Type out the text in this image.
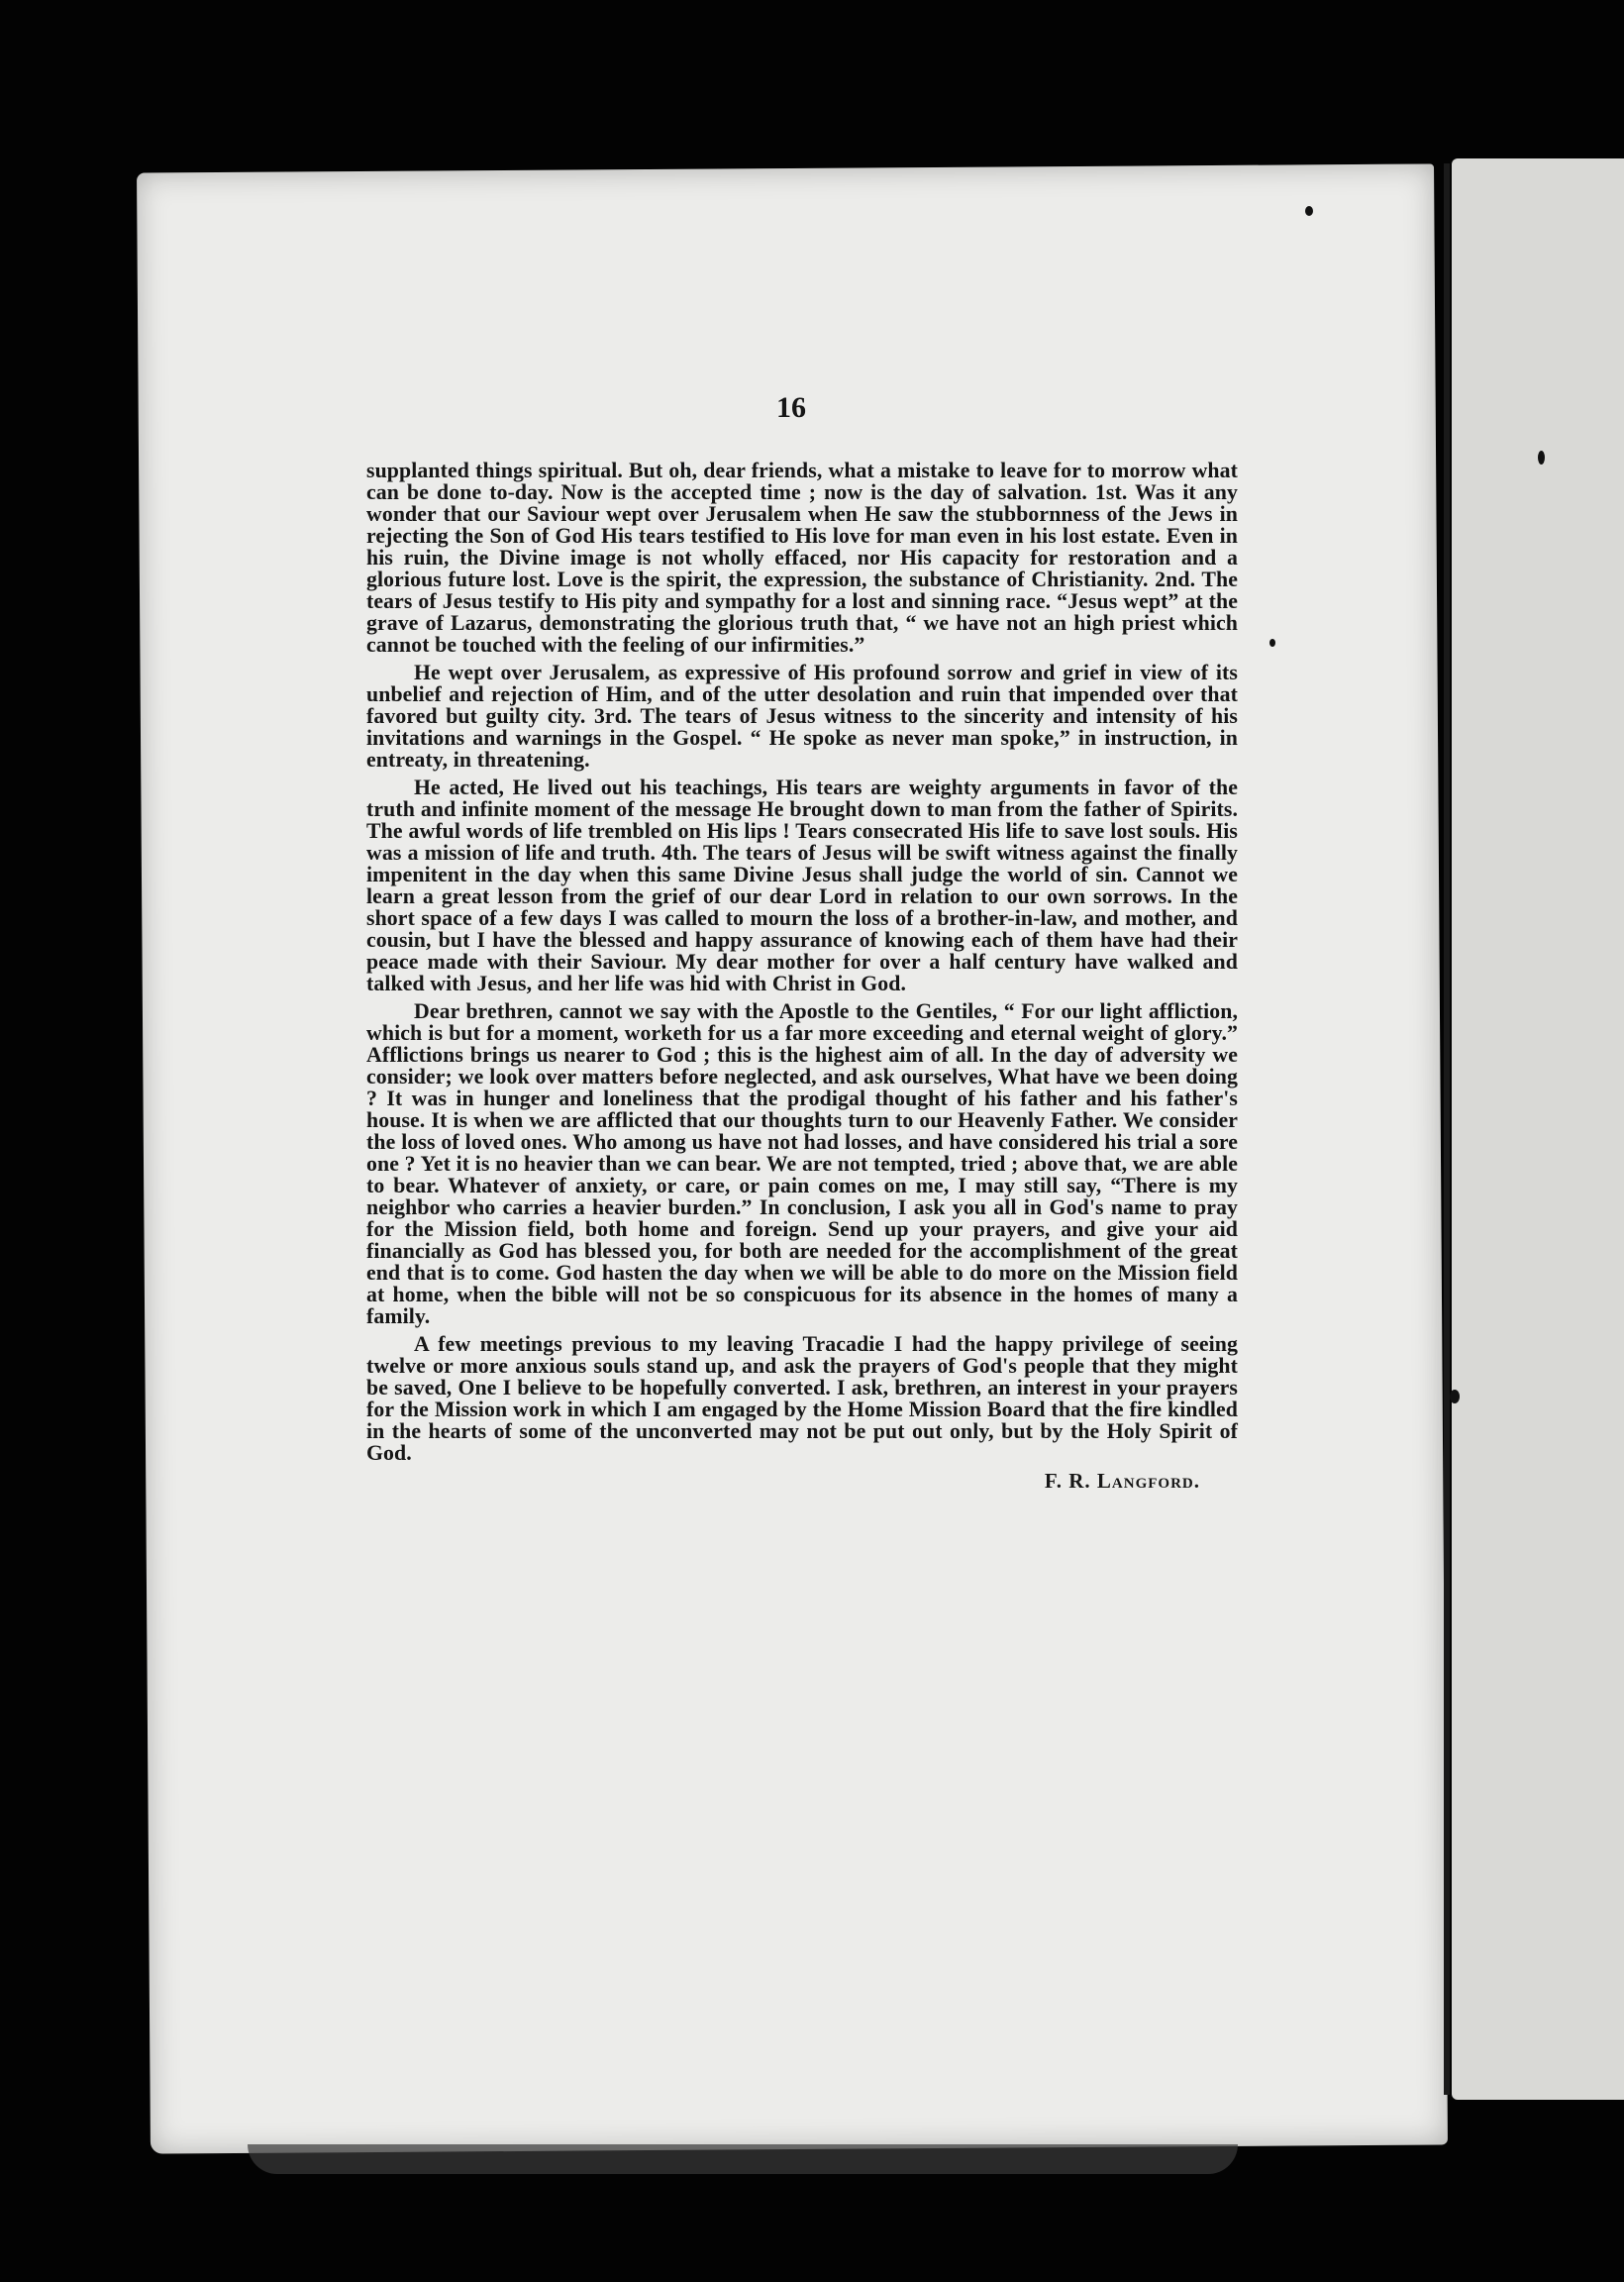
16

supplanted things spiritual. But oh, dear friends, what a mistake to leave for to morrow what can be done to-day. Now is the accepted time ; now is the day of salvation. 1st. Was it any wonder that our Saviour wept over Jerusalem when He saw the stubbornness of the Jews in rejecting the Son of God His tears testified to His love for man even in his lost estate. Even in his ruin, the Divine image is not wholly effaced, nor His capacity for restoration and a glorious future lost. Love is the spirit, the expression, the substance of Christianity. 2nd. The tears of Jesus testify to His pity and sympathy for a lost and sinning race. “Jesus wept” at the grave of Lazarus, demonstrating the glorious truth that, “ we have not an high priest which cannot be touched with the feeling of our infirmities.”

He wept over Jerusalem, as expressive of His profound sorrow and grief in view of its unbelief and rejection of Him, and of the utter desolation and ruin that impended over that favored but guilty city. 3rd. The tears of Jesus witness to the sincerity and intensity of his invitations and warnings in the Gospel. “ He spoke as never man spoke,” in instruction, in entreaty, in threatening.

He acted, He lived out his teachings, His tears are weighty arguments in favor of the truth and infinite moment of the message He brought down to man from the father of Spirits. The awful words of life trembled on His lips ! Tears consecrated His life to save lost souls. His was a mission of life and truth. 4th. The tears of Jesus will be swift witness against the finally impenitent in the day when this same Divine Jesus shall judge the world of sin. Cannot we learn a great lesson from the grief of our dear Lord in relation to our own sorrows. In the short space of a few days I was called to mourn the loss of a brother-in-law, and mother, and cousin, but I have the blessed and happy assurance of knowing each of them have had their peace made with their Saviour. My dear mother for over a half century have walked and talked with Jesus, and her life was hid with Christ in God.

Dear brethren, cannot we say with the Apostle to the Gentiles, “ For our light affliction, which is but for a moment, worketh for us a far more exceeding and eternal weight of glory.” Afflictions brings us nearer to God ; this is the highest aim of all. In the day of adversity we consider; we look over matters before neglected, and ask ourselves, What have we been doing ? It was in hunger and loneliness that the prodigal thought of his father and his father's house. It is when we are afflicted that our thoughts turn to our Heavenly Father. We consider the loss of loved ones. Who among us have not had losses, and have considered his trial a sore one ? Yet it is no heavier than we can bear. We are not tempted, tried ; above that, we are able to bear. Whatever of anxiety, or care, or pain comes on me, I may still say, “There is my neighbor who carries a heavier burden.” In conclusion, I ask you all in God's name to pray for the Mission field, both home and foreign. Send up your prayers, and give your aid financially as God has blessed you, for both are needed for the accomplishment of the great end that is to come. God hasten the day when we will be able to do more on the Mission field at home, when the bible will not be so conspicuous for its absence in the homes of many a family.

A few meetings previous to my leaving Tracadie I had the happy privilege of seeing twelve or more anxious souls stand up, and ask the prayers of God's people that they might be saved, One I believe to be hopefully converted. I ask, brethren, an interest in your prayers for the Mission work in which I am engaged by the Home Mission Board that the fire kindled in the hearts of some of the unconverted may not be put out only, but by the Holy Spirit of God.

F. R. Langford.
